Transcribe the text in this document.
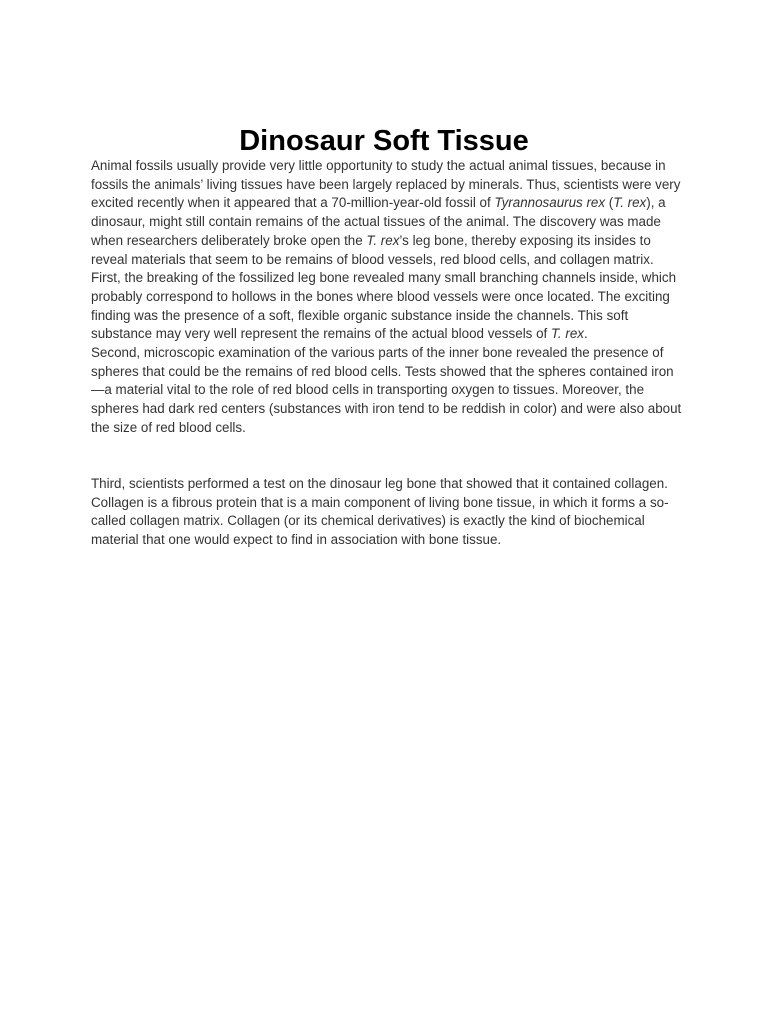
Dinosaur Soft Tissue

Animal fossils usually provide very little opportunity to study the actual animal tissues, because in fossils the animals’ living tissues have been largely replaced by minerals. Thus, scientists were very excited recently when it appeared that a 70-million-year-old fossil of Tyrannosaurus rex (T. rex), a dinosaur, might still contain remains of the actual tissues of the animal. The discovery was made when researchers deliberately broke open the T. rex’s leg bone, thereby exposing its insides to reveal materials that seem to be remains of blood vessels, red blood cells, and collagen matrix.

First, the breaking of the fossilized leg bone revealed many small branching channels inside, which probably correspond to hollows in the bones where blood vessels were once located. The exciting finding was the presence of a soft, flexible organic substance inside the channels. This soft substance may very well represent the remains of the actual blood vessels of T. rex.

Second, microscopic examination of the various parts of the inner bone revealed the presence of spheres that could be the remains of red blood cells. Tests showed that the spheres contained iron—a material vital to the role of red blood cells in transporting oxygen to tissues. Moreover, the spheres had dark red centers (substances with iron tend to be reddish in color) and were also about the size of red blood cells.

Third, scientists performed a test on the dinosaur leg bone that showed that it contained collagen. Collagen is a fibrous protein that is a main component of living bone tissue, in which it forms a so-called collagen matrix. Collagen (or its chemical derivatives) is exactly the kind of biochemical material that one would expect to find in association with bone tissue.
